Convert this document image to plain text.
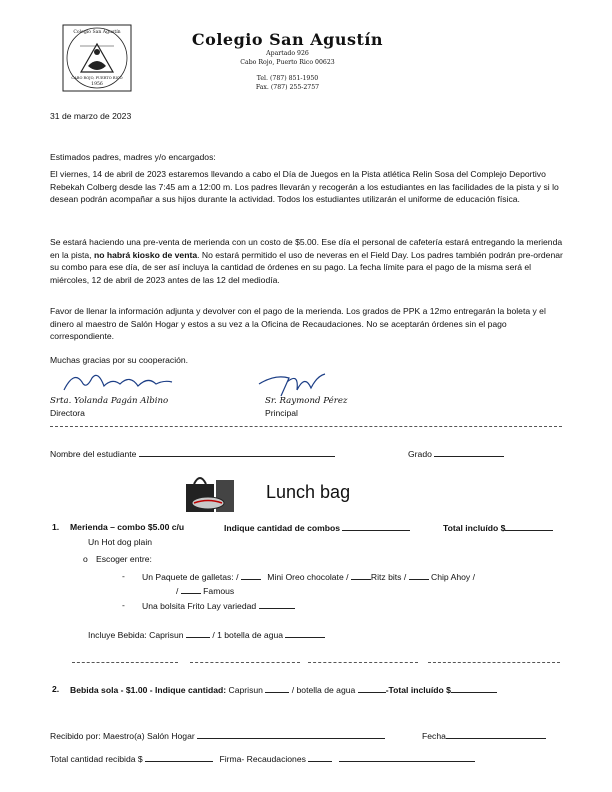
Colegio San Agustín
CABO ROJO, PUERTO RICO
1956
Colegio San Agustín
Apartado 926
Cabo Rojo, Puerto Rico 00623
Tel. (787) 851-1950
Fax. (787) 255-2757
31 de marzo de 2023
Estimados padres, madres y/o encargados:
El viernes, 14 de abril de 2023 estaremos llevando a cabo el Día de Juegos en la Pista atlética Relin Sosa del Complejo Deportivo Rebekah Colberg desde las 7:45 am a 12:00 m. Los padres llevarán y recogerán a los estudiantes en las facilidades de la pista y si lo desean podrán acompañar a sus hijos durante la actividad. Todos los estudiantes utilizarán el uniforme de educación física.
Se estará haciendo una pre-venta de merienda con un costo de $5.00. Ese día el personal de cafetería estará entregando la merienda en la pista, no habrá kiosko de venta. No estará permitido el uso de neveras en el Field Day. Los padres también podrán pre-ordenar su combo para ese día, de ser así incluya la cantidad de órdenes en su pago. La fecha límite para el pago de la misma será el miércoles, 12 de abril de 2023 antes de las 12 del mediodía.
Favor de llenar la información adjunta y devolver con el pago de la merienda. Los grados de PPK a 12mo entregarán la boleta y el dinero al maestro de Salón Hogar y estos a su vez a la Oficina de Recaudaciones. No se aceptarán órdenes sin el pago correspondiente.
Muchas gracias por su cooperación.
Srta. Yolanda Pagán Albino
Directora
Sr. Raymond Pérez
Principal
Nombre del estudiante	Grado
Lunch bag
1. Merienda – combo $5.00 c/u	Indique cantidad de combos	Total incluído $
Un Hot dog plain
o Escoger entre:
- Un Paquete de galletas: /	Mini Oreo chocolate /	Ritz bits /	Chip Ahoy /
/	Famous
- Una bolsita Frito Lay variedad
Incluye Bebida: Caprisun	/ 1 botella de agua
2. Bebida sola - $1.00 - Indique cantidad: Caprisun	/ botella de agua	-Total incluído $
Recibido por: Maestro(a) Salón Hogar	Fecha
Total cantidad recibida $	Firma- Recaudaciones
